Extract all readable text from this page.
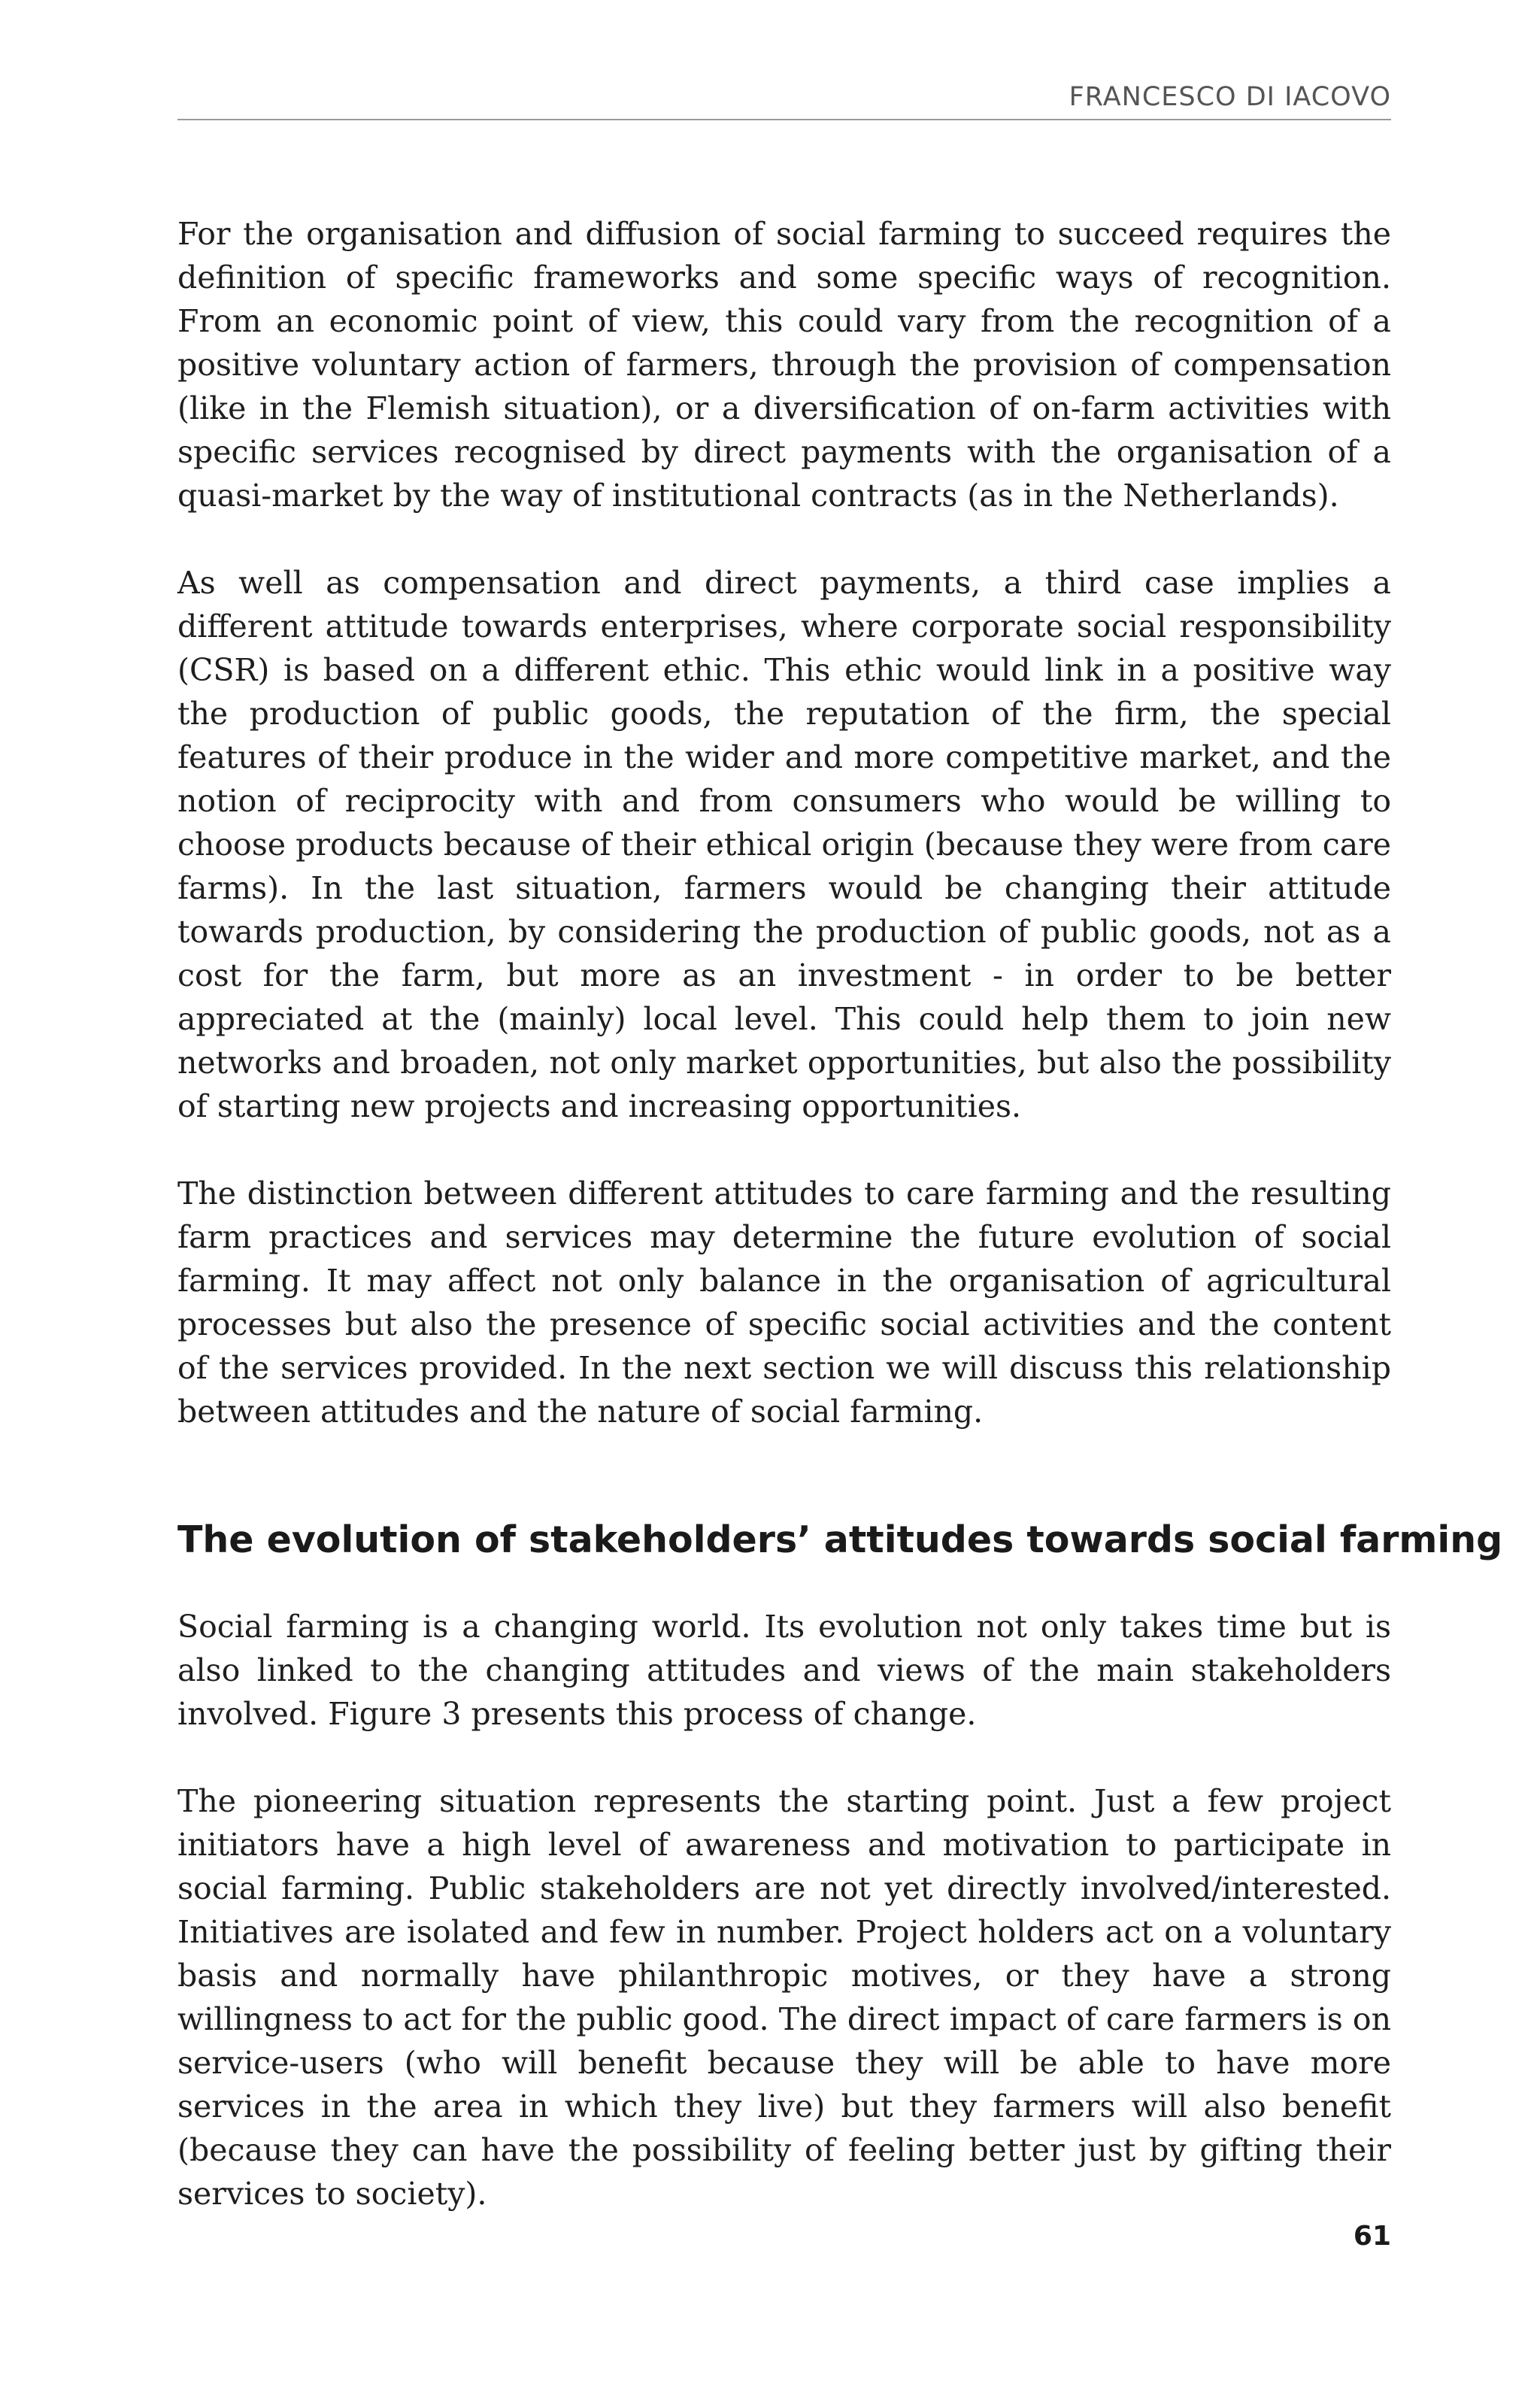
FRANCESCO DI IACOVO

For the organisation and diffusion of social farming to succeed requires the definition of specific frameworks and some specific ways of recognition. From an economic point of view, this could vary from the recognition of a positive voluntary action of farmers, through the provision of compensation (like in the Flemish situation), or a diversification of on-farm activities with specific services recognised by direct payments with the organisation of a quasi-market by the way of institutional contracts (as in the Netherlands).

As well as compensation and direct payments, a third case implies a different attitude towards enterprises, where corporate social responsibility (CSR) is based on a different ethic. This ethic would link in a positive way the production of public goods, the reputation of the firm, the special features of their produce in the wider and more competitive market, and the notion of reciprocity with and from consumers who would be willing to choose products because of their ethical origin (because they were from care farms). In the last situation, farmers would be changing their attitude towards production, by considering the production of public goods, not as a cost for the farm, but more as an investment - in order to be better appreciated at the (mainly) local level. This could help them to join new networks and broaden, not only market opportunities, but also the possibility of starting new projects and increasing opportunities.

The distinction between different attitudes to care farming and the resulting farm practices and services may determine the future evolution of social farming. It may affect not only balance in the organisation of agricultural processes but also the presence of specific social activities and the content of the services provided. In the next section we will discuss this relationship between attitudes and the nature of social farming.

The evolution of stakeholders’ attitudes towards social farming

Social farming is a changing world. Its evolution not only takes time but is also linked to the changing attitudes and views of the main stakeholders involved. Figure 3 presents this process of change.

The pioneering situation represents the starting point. Just a few project initiators have a high level of awareness and motivation to participate in social farming. Public stakeholders are not yet directly involved/interested. Initiatives are isolated and few in number. Project holders act on a voluntary basis and normally have philanthropic motives, or they have a strong willingness to act for the public good. The direct impact of care farmers is on service-users (who will benefit because they will be able to have more services in the area in which they live) but they farmers will also benefit (because they can have the possibility of feeling better just by gifting their services to society).

61
